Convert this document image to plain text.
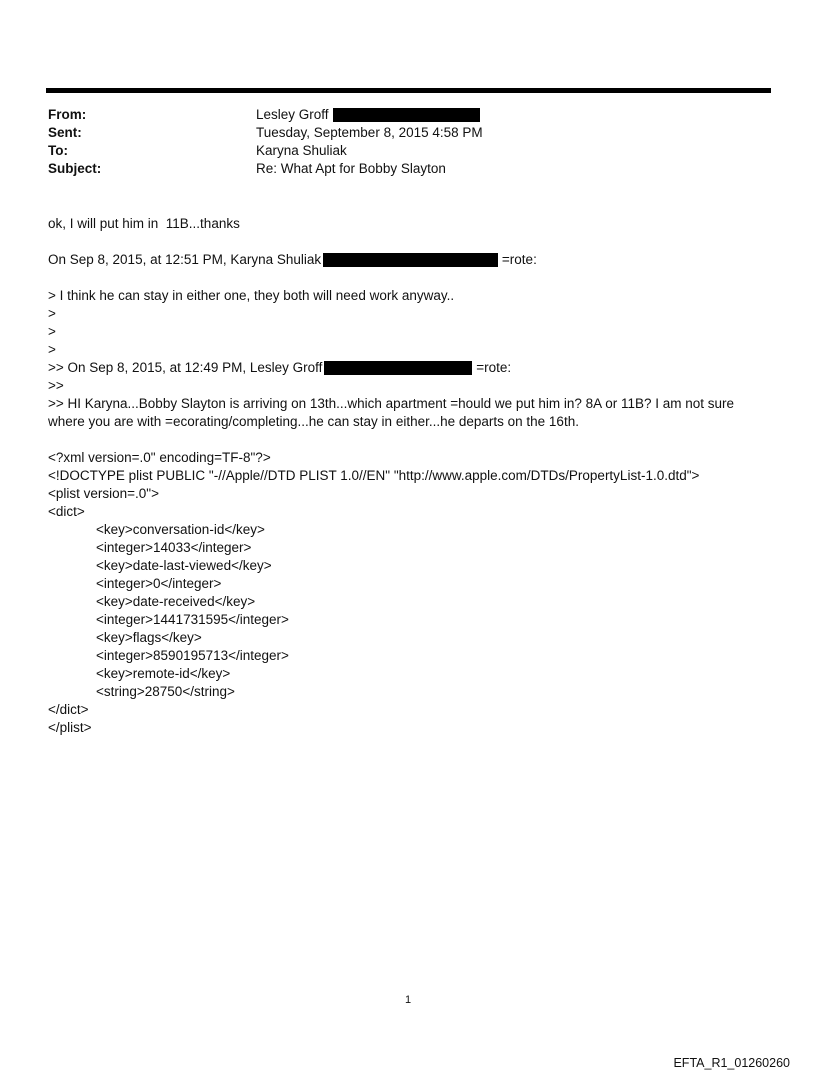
From:	Lesley Groff
Sent:	Tuesday, September 8, 2015 4:58 PM
To:	Karyna Shuliak
Subject:	Re: What Apt for Bobby Slayton
ok, I will put him in  11B...thanks
On Sep 8, 2015, at 12:51 PM, Karyna Shuliak	=rote:
> I think he can stay in either one, they both will need work anyway..
>
>
>
>> On Sep 8, 2015, at 12:49 PM, Lesley Groff	=rote:
>>
>> HI Karyna...Bobby Slayton is arriving on 13th...which apartment =hould we put him in? 8A or 11B? I am not sure where you are with =ecorating/completing...he can stay in either...he departs on the 16th.
<?xml version=.0" encoding=TF-8"?>
<!DOCTYPE plist PUBLIC "-//Apple//DTD PLIST 1.0//EN" "http://www.apple.com/DTDs/PropertyList-1.0.dtd">
<plist version=.0">
<dict>
<key>conversation-id</key>
<integer>14033</integer>
<key>date-last-viewed</key>
<integer>0</integer>
<key>date-received</key>
<integer>1441731595</integer>
<key>flags</key>
<integer>8590195713</integer>
<key>remote-id</key>
<string>28750</string>
</dict>
</plist>
1
EFTA_R1_01260260
